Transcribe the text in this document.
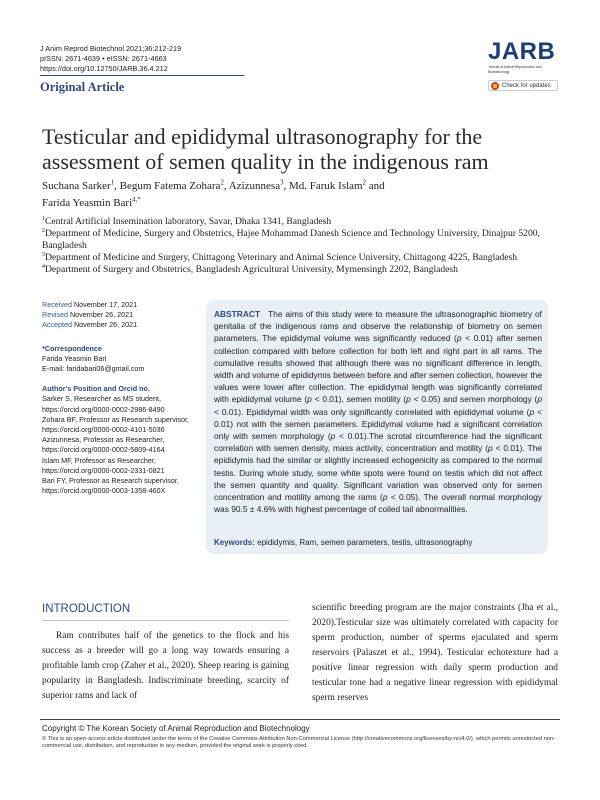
J Anim Reprod Biotechnol 2021;36:212-219
pISSN: 2671-4639 • eISSN: 2671-4663
https://doi.org/10.12750/JARB.36.4.212
Original Article
JARB
Journal of Animal Reproduction and Biotechnology
Check for updates
Testicular and epididymal ultrasonography for the assessment of semen quality in the indigenous ram
Suchana Sarker$^1$, Begum Fatema Zohara$^2$, Azizunnesa$^3$, Md. Faruk Islam$^2$ and
Farida Yeasmin Bari$^{4,*}$
$^1$Central Artificial Insemination laboratory, Savar, Dhaka 1341, Bangladesh
$^2$Department of Medicine, Surgery and Obstetrics, Hajee Mohammad Danesh Science and Technology University, Dinajpur 5200, Bangladesh
$^3$Department of Medicine and Surgery, Chittagong Veterinary and Animal Science University, Chittagong 4225, Bangladesh
$^4$Department of Surgery and Obstetrics, Bangladesh Agricultural University, Mymensingh 2202, Bangladesh
Received November 17, 2021
Revised November 26, 2021
Accepted November 26, 2021
*Correspondence
Farida Yeasmin Bari
E-mail: faridabari06@gmail.com
Author's Position and Orcid no.
Sarker S, Researcher as MS student,
https://orcid.org/0000-0002-2986-8490
Zohara BF, Professor as Research supervisor,
https://orcid.org/0000-0002-4101-5036
Azizunnesa, Professor as Researcher,
https://orcid.org/0000-0002-5809-4164
Islam MF, Professor as Researcher,
https://orcid.org/0000-0002-2331-0821
Bari FY, Professor as Research supervisor,
https://orcid.org/0000-0003-1358-460X
ABSTRACT The aims of this study were to measure the ultrasonographic biometry of genitalia of the indigenous rams and observe the relationship of biometry on semen parameters. The epididymal volume was significantly reduced (p < 0.01) after semen collection compared with before collection for both left and right part in all rams. The cumulative results showed that although there was no significant difference in length, width and volume of epididymis between before and after semen collection, however the values were lower after collection. The epididymal length was significantly correlated with epididymal volume (p < 0.01), semen motility (p < 0.05) and semen morphology (p < 0.01). Epididymal width was only significantly correlated with epididymal volume (p < 0.01) not with the semen parameters. Epididymal volume had a significant correlation only with semen morphology (p < 0.01).The scrotal circumference had the significant correlation with semen density, mass activity, concentration and motility (p < 0.01). The epididymis had the similar or slightly increased echogenicity as compared to the normal testis. During whole study, some white spots were found on testis which did not affect the semen quantity and quality. Significant variation was observed only for semen concentration and motility among the rams (p < 0.05). The overall normal morphology was 90.5 ± 4.6% with highest percentage of coiled tail abnormalities.
Keywords: epididymis, Ram, semen parameters, testis, ultrasonography
INTRODUCTION
Ram contributes half of the genetics to the flock and his success as a breeder will go a long way towards ensuring a profitable lamb crop (Zaher et al., 2020). Sheep rearing is gaining popularity in Bangladesh. Indiscriminate breeding, scarcity of superior rams and lack of
scientific breeding program are the major constraints (Jha et al., 2020).Testicular size was ultimately correlated with capacity for sperm production, number of sperms ejaculated and sperm reservoirs (Palaszet et al., 1994). Testicular echotexture had a positive linear regression with daily sperm production and testicular tone had a negative linear regression with epididymal sperm reserves
Copyright © The Korean Society of Animal Reproduction and Biotechnology
© This is an open-access article distributed under the terms of the Creative Commons Attribution Non-Commercial License (http://creativecommons.org/licenses/by-nc/4.0/), which permits unrestricted non-commercial use, distribution, and reproduction in any medium, provided the original work is properly cited.
